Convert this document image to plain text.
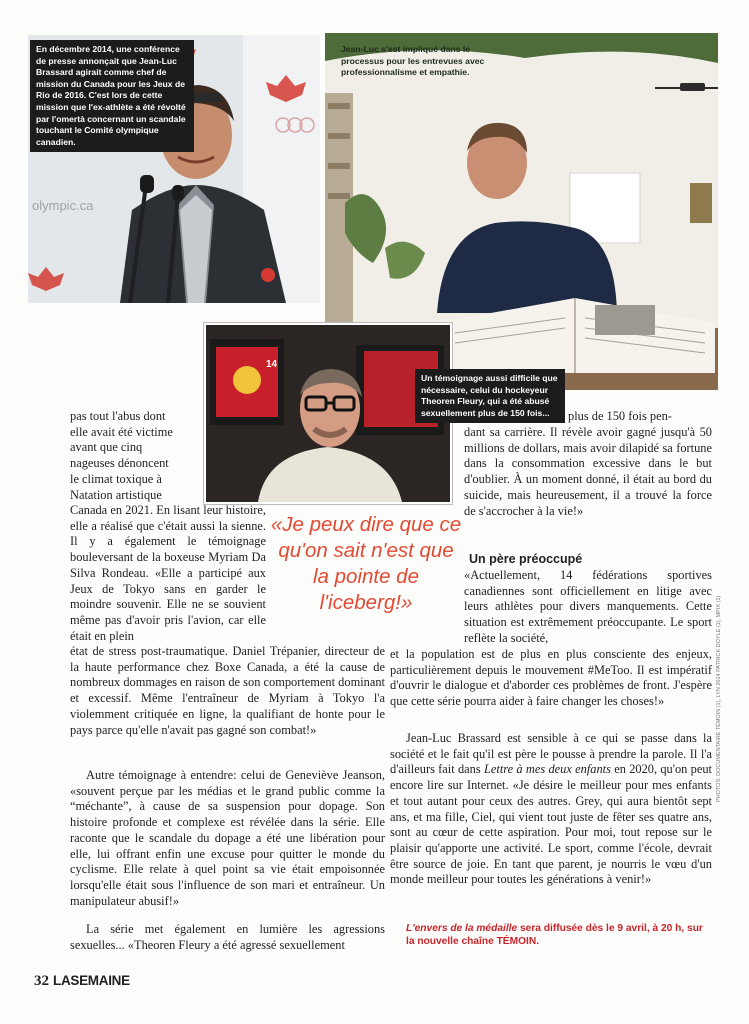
olympic.ca
En décembre 2014, une conférence de presse annonçait que Jean-Luc Brassard agirait comme chef de mission du Canada pour les Jeux de Rio de 2016. C'est lors de cette mission que l'ex-athlète a été révolté par l'omertà concernant un scandale touchant le Comité olympique canadien.
Jean-Luc s'est impliqué dans le processus pour les entrevues avec professionnalisme et empathie.
14
Un témoignage aussi difficile que nécessaire, celui du hockeyeur Theoren Fleury, qui a été abusé sexuellement plus de 150 fois...

pas tout l'abus dont

elle avait été victime

avant que cinq

nageuses dénoncent

le climat toxique à

Natation artistique

Canada en 2021. En lisant leur histoire, elle a réalisé que c'était aussi la sienne. Il y a également le témoignage bouleversant de la boxeuse Myriam Da Silva Rondeau. «Elle a participé aux Jeux de Tokyo sans en garder le moindre souvenir. Elle ne se souvient même pas d'avoir pris l'avion, car elle était en plein
état de stress post-traumatique. Daniel Trépanier, directeur de la haute performance chez Boxe Canada, a été la cause de nombreux dommages en raison de son comportement dominant et excessif. Même l'entraîneur de Myriam à Tokyo l'a violemment critiquée en ligne, la qualifiant de honte pour le pays parce qu'elle n'avait pas gagné son combat!»
Autre témoignage à entendre: celui de Geneviève Jeanson, «souvent perçue par les médias et le grand public comme la “méchante”, à cause de sa suspension pour dopage. Son histoire profonde et complexe est révélée dans la série. Elle raconte que le scandale du dopage a été une libération pour elle, lui offrant enfin une excuse pour quitter le monde du cyclisme. Elle relate à quel point sa vie était empoisonnée lorsqu'elle était sous l'influence de son mari et entraîneur. Un manipulateur abusif!»
La série met également en lumière les agressions sexuelles... «Theoren Fleury a été agressé sexuellement
«Je peux dire que ce qu'on sait n'est que la pointe de l'iceberg!»
plus de 150 fois pen-
dant sa carrière. Il révèle avoir gagné jusqu'à 50 millions de dollars, mais avoir dilapidé sa fortune dans la consommation excessive dans le but d'oublier. À un moment donné, il était au bord du suicide, mais heureusement, il a trouvé la force de s'accrocher à la vie!»
Un père préoccupé
«Actuellement, 14 fédérations sportives canadiennes sont officiellement en litige avec leurs athlètes pour divers manquements. Cette situation est extrêmement préoccupante. Le sport reflète la société,
et la population est de plus en plus consciente des enjeux, particulièrement depuis le mouvement #MeToo. Il est impératif d'ouvrir le dialogue et d'aborder ces problèmes de front. J'espère que cette série pourra aider à faire changer les choses!»
Jean-Luc Brassard est sensible à ce qui se passe dans la société et le fait qu'il est père le pousse à prendre la parole. Il l'a d'ailleurs fait dans Lettre à mes deux enfants en 2020, qu'on peut encore lire sur Internet. «Je désire le meilleur pour mes enfants et tout autant pour ceux des autres. Grey, qui aura bientôt sept ans, et ma fille, Ciel, qui vient tout juste de fêter ses quatre ans, sont au cœur de cette aspiration. Pour moi, tout repose sur le plaisir qu'apporte une activité. Le sport, comme l'école, devrait être source de joie. En tant que parent, je nourris le vœu d'un monde meilleur pour toutes les générations à venir!»
L'envers de la médaille sera diffusée dès le 9 avril, à 20 h, sur la nouvelle chaîne TÉMOIN.
32 LASEMAINE
PHOTOS: DOCUMENTAIRE TÉMOIN (1), LYN 2014 PATRICK DOYLE (1), MPIX (1)
